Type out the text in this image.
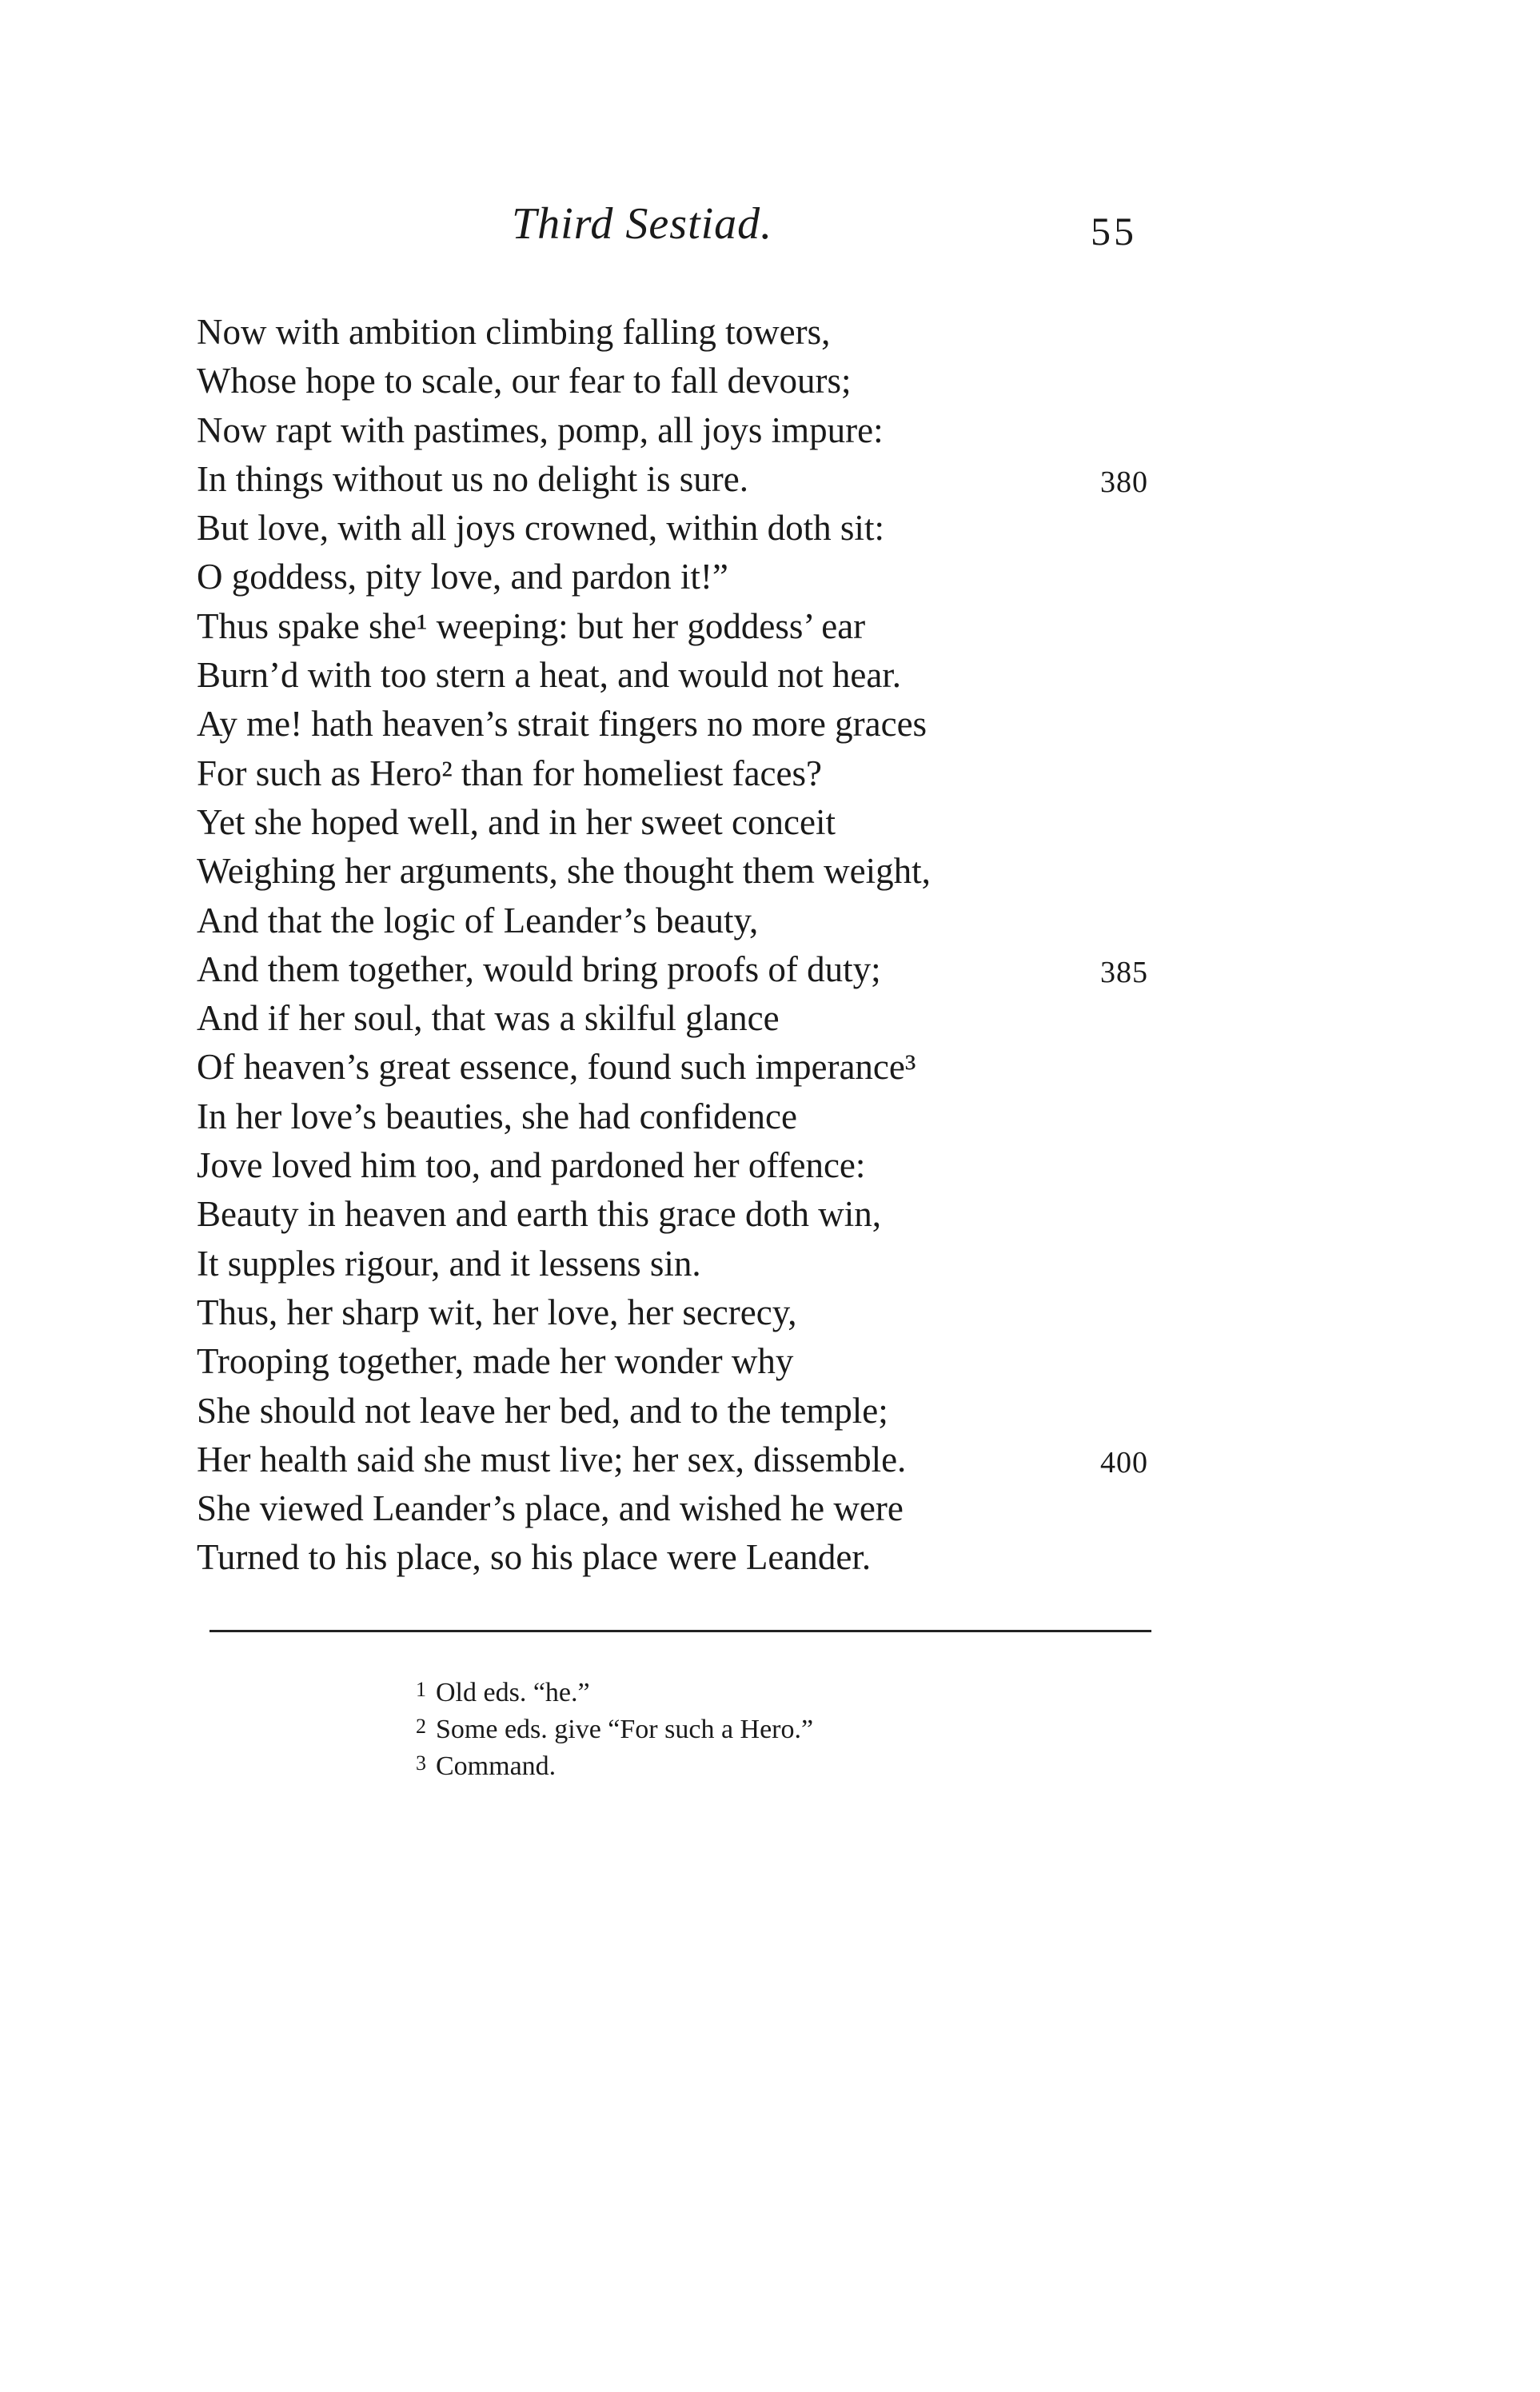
Third Sestiad.	55
Now with ambition climbing falling towers,
Whose hope to scale, our fear to fall devours;
Now rapt with pastimes, pomp, all joys impure:
In things without us no delight is sure.	380
But love, with all joys crowned, within doth sit:
O goddess, pity love, and pardon it!”
Thus spake she¹ weeping: but her goddess’ ear
Burn’d with too stern a heat, and would not hear.
Ay me! hath heaven’s strait fingers no more graces
For such as Hero² than for homeliest faces?
Yet she hoped well, and in her sweet conceit
Weighing her arguments, she thought them weight,
And that the logic of Leander’s beauty,
And them together, would bring proofs of duty;	385
And if her soul, that was a skilful glance
Of heaven’s great essence, found such imperance³
In her love’s beauties, she had confidence
Jove loved him too, and pardoned her offence:
Beauty in heaven and earth this grace doth win,
It supples rigour, and it lessens sin.
Thus, her sharp wit, her love, her secrecy,
Trooping together, made her wonder why
She should not leave her bed, and to the temple;
Her health said she must live; her sex, dissemble.	400
She viewed Leander’s place, and wished he were
Turned to his place, so his place were Leander.
1 Old eds. “he.”
2 Some eds. give “For such a Hero.”
3 Command.
